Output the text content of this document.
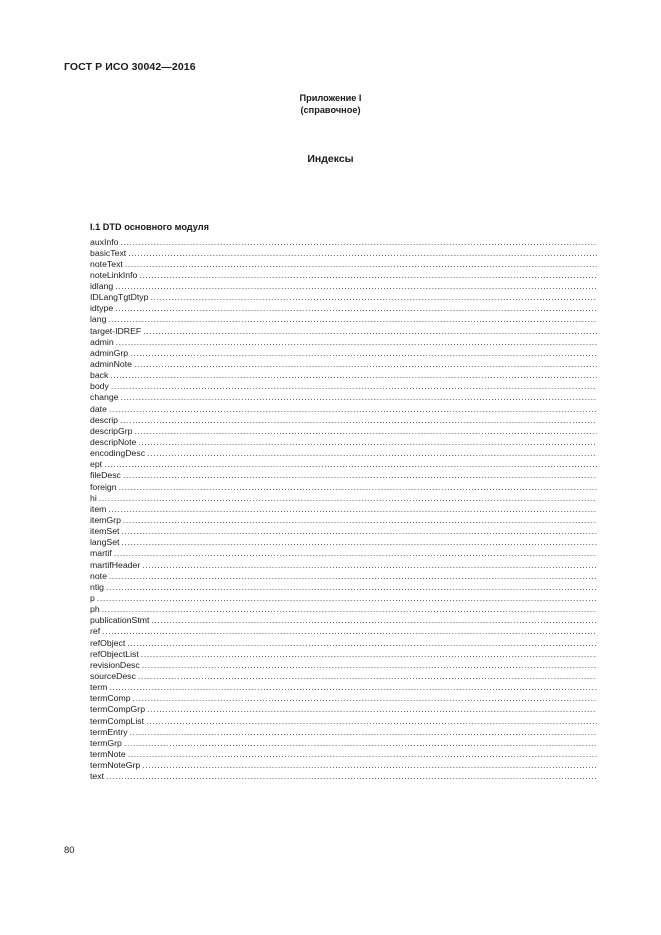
ГОСТ Р ИСО 30042—2016
Приложение I
(справочное)
Индексы
I.1 DTD основного модуля
auxInfo
.....
basicText
.....
noteText
.....
noteLinkInfo
.....
idlang
.....
IDLangTgtDtyp
.....
idtype
.....
lang
.....
target-IDREF
.....
admin
.....
adminGrp
.....
adminNote
.....
back
.....
body
.....
change
.....
date
.....
descrip
.....
descripGrp
.....
descripNote
.....
encodingDesc
.....
ept
.....
fileDesc
.....
foreign
.....
hi
.....
item
.....
itemGrp
.....
itemSet
.....
langSet
.....
martif
.....
martifHeader
.....
note
.....
ntig
.....
p
.....
ph
.....
publicationStmt
.....
ref
.....
refObject
.....
refObjectList
.....
revisionDesc
.....
sourceDesc
.....
term
.....
termComp
.....
termCompGrp
.....
termCompList
.....
termEntry
.....
termGrp
.....
termNote
.....
termNoteGrp
.....
text
.....
80
